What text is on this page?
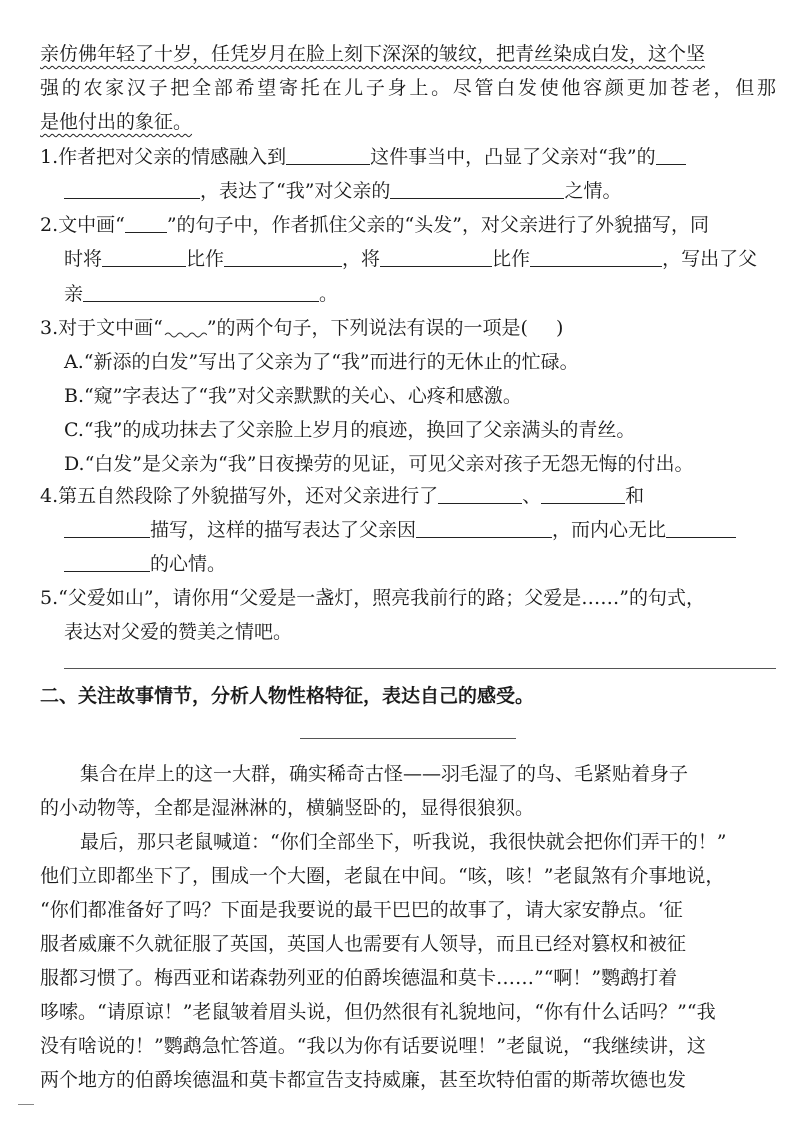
亲仿佛年轻了十岁，任凭岁月在脸上刻下深深的皱纹，把青丝染成白发，这个坚

强的农家汉子把全部希望寄托在儿子身上。尽管白发使他容颜更加苍老，但那

是他付出的象征。

1.作者把对父亲的情感融入到	这件事当中，凸显了父亲对“我”的

，表达了“我”对父亲的	之情。

2.文中画“ ”的句子中，作者抓住父亲的“头发”，对父亲进行了外貌描写，同

时将	比作	，将	比作	，写出了父

亲	。

3.对于文中画“ ”的两个句子，下列说法有误的一项是( )

A.“新添的白发”写出了父亲为了“我”而进行的无休止的忙碌。

B.“窥”字表达了“我”对父亲默默的关心、心疼和感激。

C.“我”的成功抹去了父亲脸上岁月的痕迹，换回了父亲满头的青丝。

D.“白发”是父亲为“我”日夜操劳的见证，可见父亲对孩子无怨无悔的付出。

4.第五自然段除了外貌描写外，还对父亲进行了	、	和

描写，这样的描写表达了父亲因	，而内心无比

的心情。

5.“父爱如山”，请你用“父爱是一盏灯，照亮我前行的路；父爱是……”的句式，

表达对父爱的赞美之情吧。

二、关注故事情节，分析人物性格特征，表达自己的感受。

集合在岸上的这一大群，确实稀奇古怪——羽毛湿了的鸟、毛紧贴着身子

的小动物等，全都是湿淋淋的，横躺竖卧的，显得很狼狈。

最后，那只老鼠喊道：“你们全部坐下，听我说，我很快就会把你们弄干的！”

他们立即都坐下了，围成一个大圈，老鼠在中间。“咳，咳！”老鼠煞有介事地说，

“你们都准备好了吗？下面是我要说的最干巴巴的故事了，请大家安静点。‘征

服者威廉不久就征服了英国，英国人也需要有人领导，而且已经对篡权和被征

服都习惯了。梅西亚和诺森勃列亚的伯爵埃德温和莫卡……”“啊！”鹦鹉打着

哆嗦。“请原谅！”老鼠皱着眉头说，但仍然很有礼貌地问，“你有什么话吗？”“我

没有啥说的！”鹦鹉急忙答道。“我以为你有话要说哩！”老鼠说，“我继续讲，这

两个地方的伯爵埃德温和莫卡都宣告支持威廉，甚至坎特伯雷的斯蒂坎德也发
